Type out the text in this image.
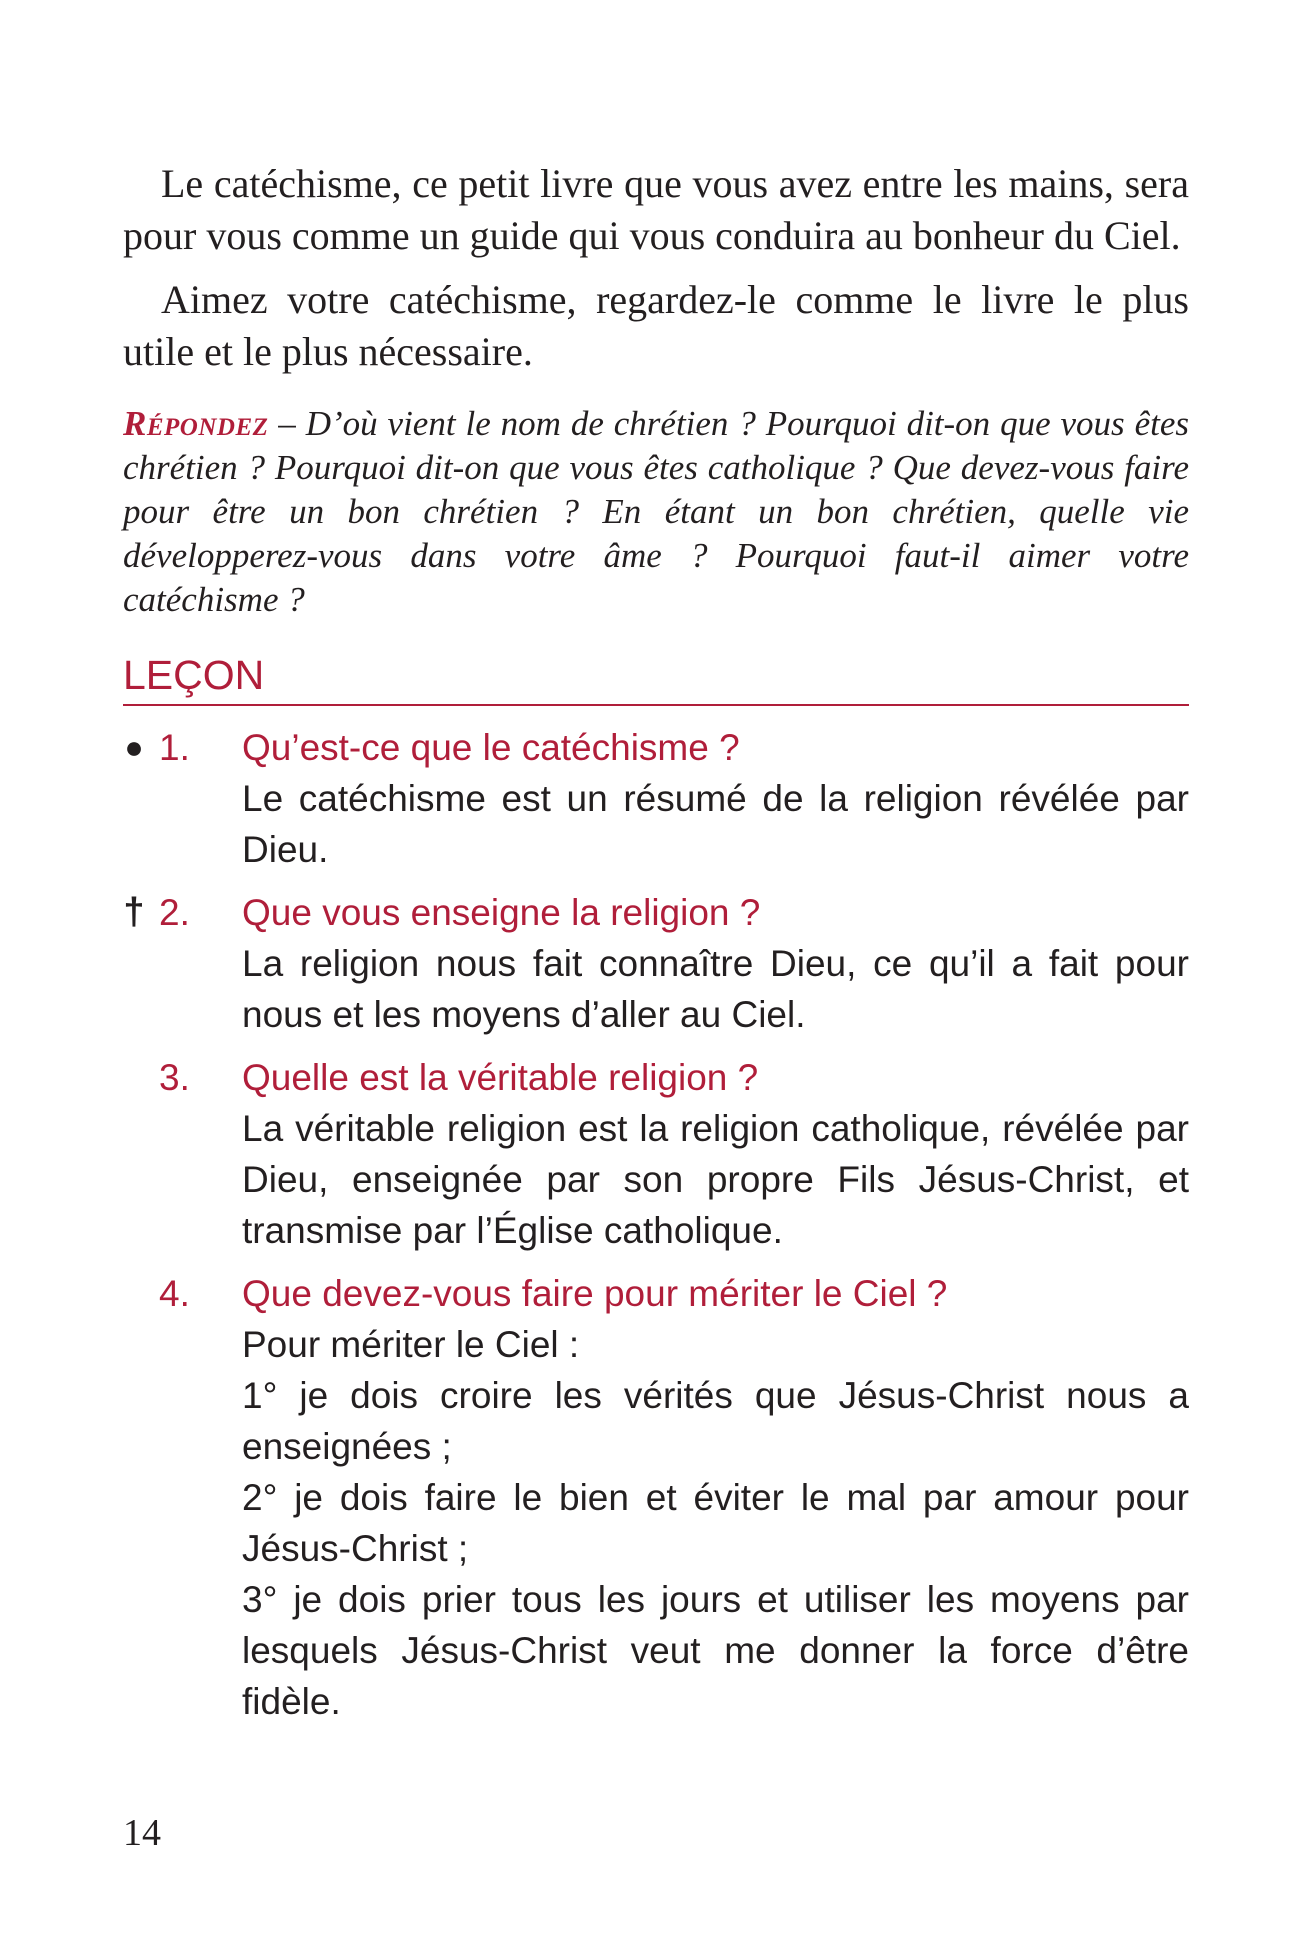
Le catéchisme, ce petit livre que vous avez entre les mains, sera pour vous comme un guide qui vous conduira au bonheur du Ciel.

Aimez votre catéchisme, regardez-le comme le livre le plus utile et le plus nécessaire.

Répondez – D’où vient le nom de chrétien ? Pourquoi dit-on que vous êtes chrétien ? Pourquoi dit-on que vous êtes catholique ? Que devez-vous faire pour être un bon chrétien ? En étant un bon chrétien, quelle vie développerez-vous dans votre âme ? Pourquoi faut-il aimer votre catéchisme ?
LEÇON
● 1. Qu’est-ce que le catéchisme ?
Le catéchisme est un résumé de la religion révélée par Dieu.
† 2. Que vous enseigne la religion ?
La religion nous fait connaître Dieu, ce qu’il a fait pour nous et les moyens d’aller au Ciel.
3. Quelle est la véritable religion ?
La véritable religion est la religion catholique, révélée par Dieu, enseignée par son propre Fils Jésus-Christ, et transmise par l’Église catholique.
4. Que devez-vous faire pour mériter le Ciel ?
Pour mériter le Ciel :
1° je dois croire les vérités que Jésus-Christ nous a enseignées ;
2° je dois faire le bien et éviter le mal par amour pour Jésus-Christ ;
3° je dois prier tous les jours et utiliser les moyens par lesquels Jésus-Christ veut me donner la force d’être fidèle.
14
